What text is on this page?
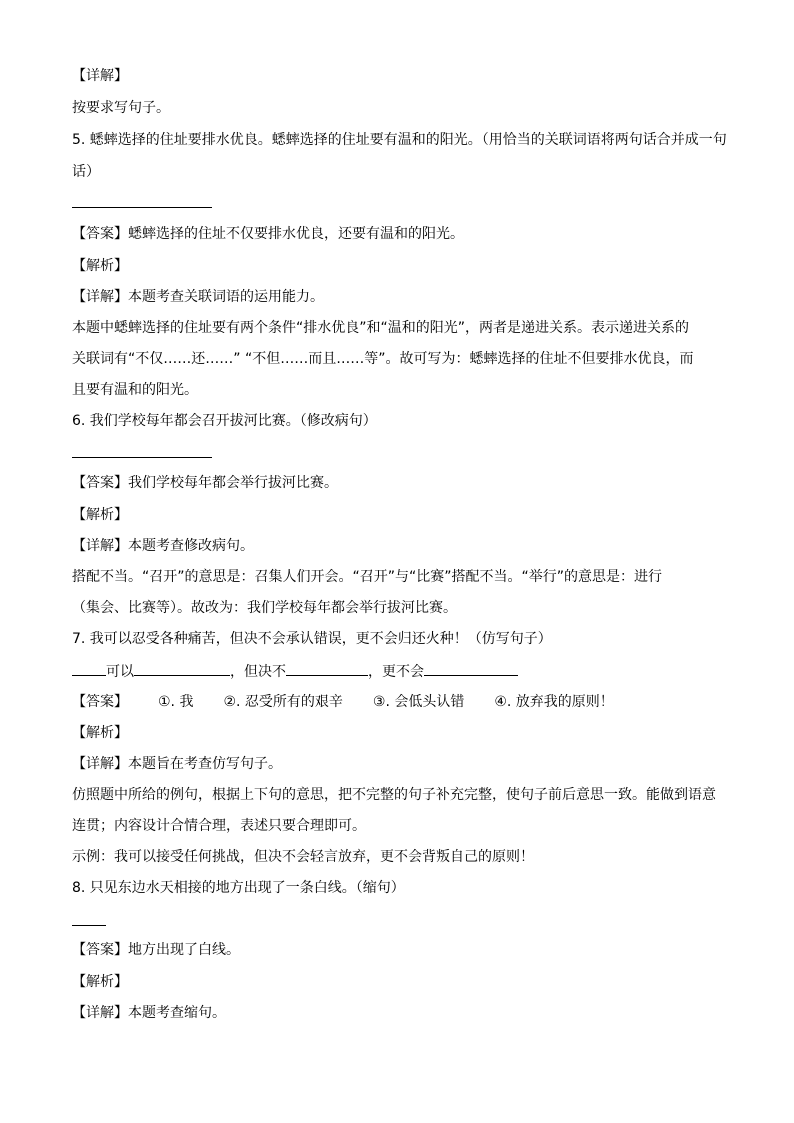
【详解】
按要求写句子。
5. 蟋蟀选择的住址要排水优良。蟋蟀选择的住址要有温和的阳光。（用恰当的关联词语将两句话合并成一句
话）
【答案】蟋蟀选择的住址不仅要排水优良，还要有温和的阳光。
【解析】
【详解】本题考查关联词语的运用能力。
本题中蟋蟀选择的住址要有两个条件“排水优良”和“温和的阳光”，两者是递进关系。表示递进关系的
关联词有“不仅……还……” “不但……而且……等”。故可写为：蟋蟀选择的住址不但要排水优良，而
且要有温和的阳光。
6. 我们学校每年都会召开拔河比赛。（修改病句）
【答案】我们学校每年都会举行拔河比赛。
【解析】
【详解】本题考查修改病句。
搭配不当。“召开”的意思是：召集人们开会。“召开”与“比赛”搭配不当。“举行”的意思是：进行
（集会、比赛等）。故改为：我们学校每年都会举行拔河比赛。
7. 我可以忍受各种痛苦，但决不会承认错误，更不会归还火种！（仿写句子）
可以	，但决不	，更不会
【答案】 ①. 我 ②. 忍受所有的艰辛 ③. 会低头认错 ④. 放弃我的原则！
【解析】
【详解】本题旨在考查仿写句子。
仿照题中所给的例句，根据上下句的意思，把不完整的句子补充完整，使句子前后意思一致。能做到语意
连贯；内容设计合情合理，表述只要合理即可。
示例：我可以接受任何挑战，但决不会轻言放弃，更不会背叛自己的原则！
8. 只见东边水天相接的地方出现了一条白线。（缩句）
【答案】地方出现了白线。
【解析】
【详解】本题考查缩句。
